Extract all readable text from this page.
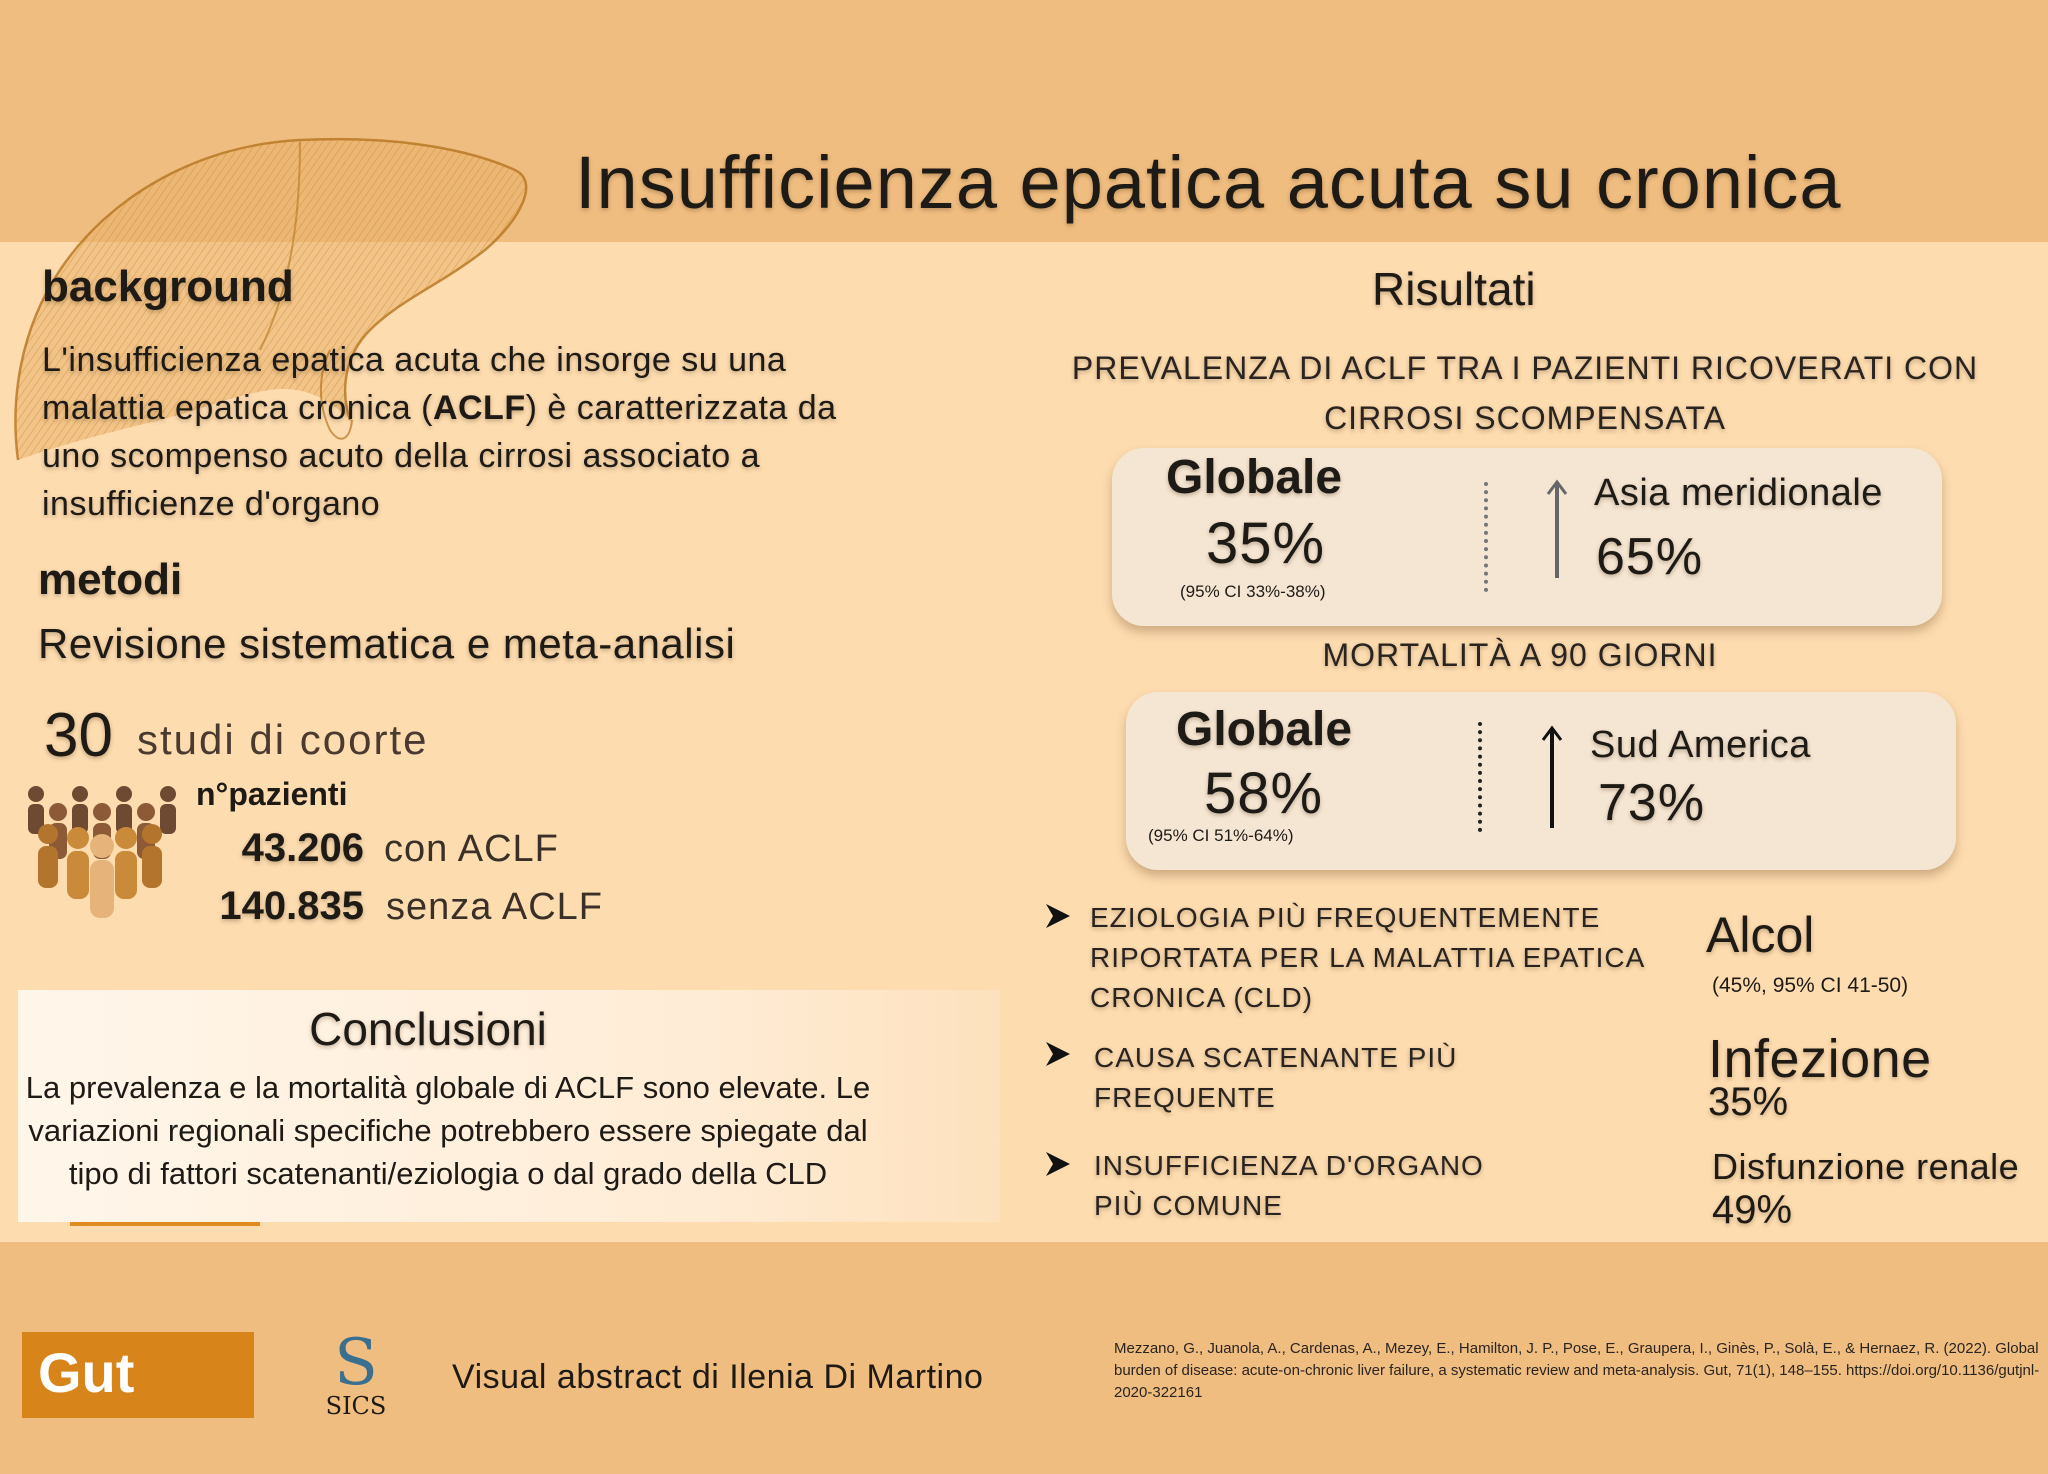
Insufficienza epatica acuta su cronica
background
L'insufficienza epatica acuta che insorge su una malattia epatica cronica (ACLF) è caratterizzata da uno scompenso acuto della cirrosi associato a insufficienze d'organo
metodi
Revisione sistematica e meta-analisi
30 studi di coorte
n°pazienti
43.206 con ACLF
140.835 senza ACLF
Conclusioni
La prevalenza e la mortalità globale di ACLF sono elevate. Le variazioni regionali specifiche potrebbero essere spiegate dal tipo di fattori scatenanti/eziologia o dal grado della CLD
Risultati
PREVALENZA DI ACLF TRA I PAZIENTI RICOVERATI CON CIRROSI SCOMPENSATA
Globale
35%
(95% CI 33%-38%)
Asia meridionale
65%
MORTALITÀ A 90 GIORNI
Globale
58%
(95% CI 51%-64%)
Sud America
73%
EZIOLOGIA PIÙ FREQUENTEMENTE RIPORTATA PER LA MALATTIA EPATICA CRONICA (CLD)
CAUSA SCATENANTE PIÙ FREQUENTE
INSUFFICIENZA D'ORGANO PIÙ COMUNE
Alcol
(45%, 95% CI 41-50)
Infezione
35%
Disfunzione renale
49%
Gut	S
SICS
Visual abstract di Ilenia Di Martino
Mezzano, G., Juanola, A., Cardenas, A., Mezey, E., Hamilton, J. P., Pose, E., Graupera, I., Ginès, P., Solà, E., & Hernaez, R. (2022). Global burden of disease: acute-on-chronic liver failure, a systematic review and meta-analysis. Gut, 71(1), 148–155. https://doi.org/10.1136/gutjnl-2020-322161
